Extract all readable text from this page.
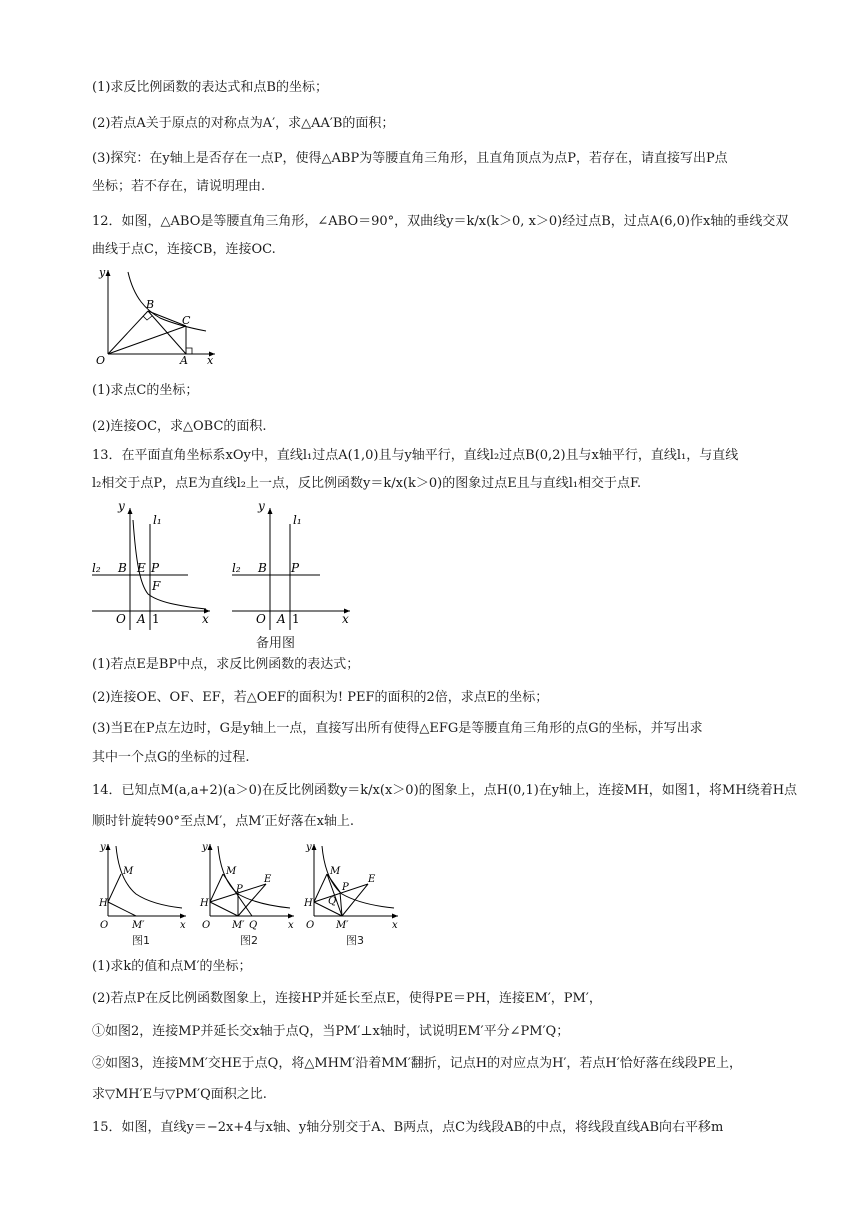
(1)求反比例函数的表达式和点B的坐标；
(2)若点A关于原点的对称点为A′，求△AA′B的面积；
(3)探究：在y轴上是否存在一点P，使得△ABP为等腰直角三角形，且直角顶点为点P，若存在，请直接写出P点
坐标；若不存在，请说明理由.
12．如图，△ABO是等腰直角三角形，∠ABO＝90°，双曲线y＝k/x(k＞0, x＞0)经过点B，过点A(6,0)作x轴的垂线交双
曲线于点C，连接CB，连接OC.
y
x
O
B
C
A
(1)求点C的坐标；
(2)连接OC，求△OBC的面积.
13．在平面直角坐标系xOy中，直线l₁过点A(1,0)且与y轴平行，直线l₂过点B(0,2)且与x轴平行，直线l₁，与直线
l₂相交于点P，点E为直线l₂上一点，反比例函数y＝k/x(k＞0)的图象过点E且与直线l₁相交于点F.
y
x
O A 1
l₁
l₂ B E P
F
y
x
O A 1
l₁
l₂ B P
备用图
(1)若点E是BP中点，求反比例函数的表达式；
(2)连接OE、OF、EF，若△OEF的面积为! PEF的面积的2倍，求点E的坐标；
(3)当E在P点左边时，G是y轴上一点，直接写出所有使得△EFG是等腰直角三角形的点G的坐标，并写出求
其中一个点G的坐标的过程.
14．已知点M(a,a+2)(a＞0)在反比例函数y＝k/x(x＞0)的图象上，点H(0,1)在y轴上，连接MH，如图1，将MH绕着H点
顺时针旋转90°至点M′，点M′正好落在x轴上.
y
x
O
M
H
M′
图1
y
x
O
M
H
P
E
M′ Q
图2
y
x
O
M
H
P
E
M′
Q
图3
(1)求k的值和点M′的坐标；
(2)若点P在反比例函数图象上，连接HP并延长至点E，使得PE＝PH，连接EM′，PM′，
①如图2，连接MP并延长交x轴于点Q，当PM′⊥x轴时，试说明EM′平分∠PM′Q；
②如图3，连接MM′交HE于点Q，将△MHM′沿着MM′翻折，记点H的对应点为H′，若点H′恰好落在线段PE上，
求▽MH′E与▽PM′Q面积之比.
15．如图，直线y＝−2x+4与x轴、y轴分别交于A、B两点，点C为线段AB的中点，将线段直线AB向右平移m
